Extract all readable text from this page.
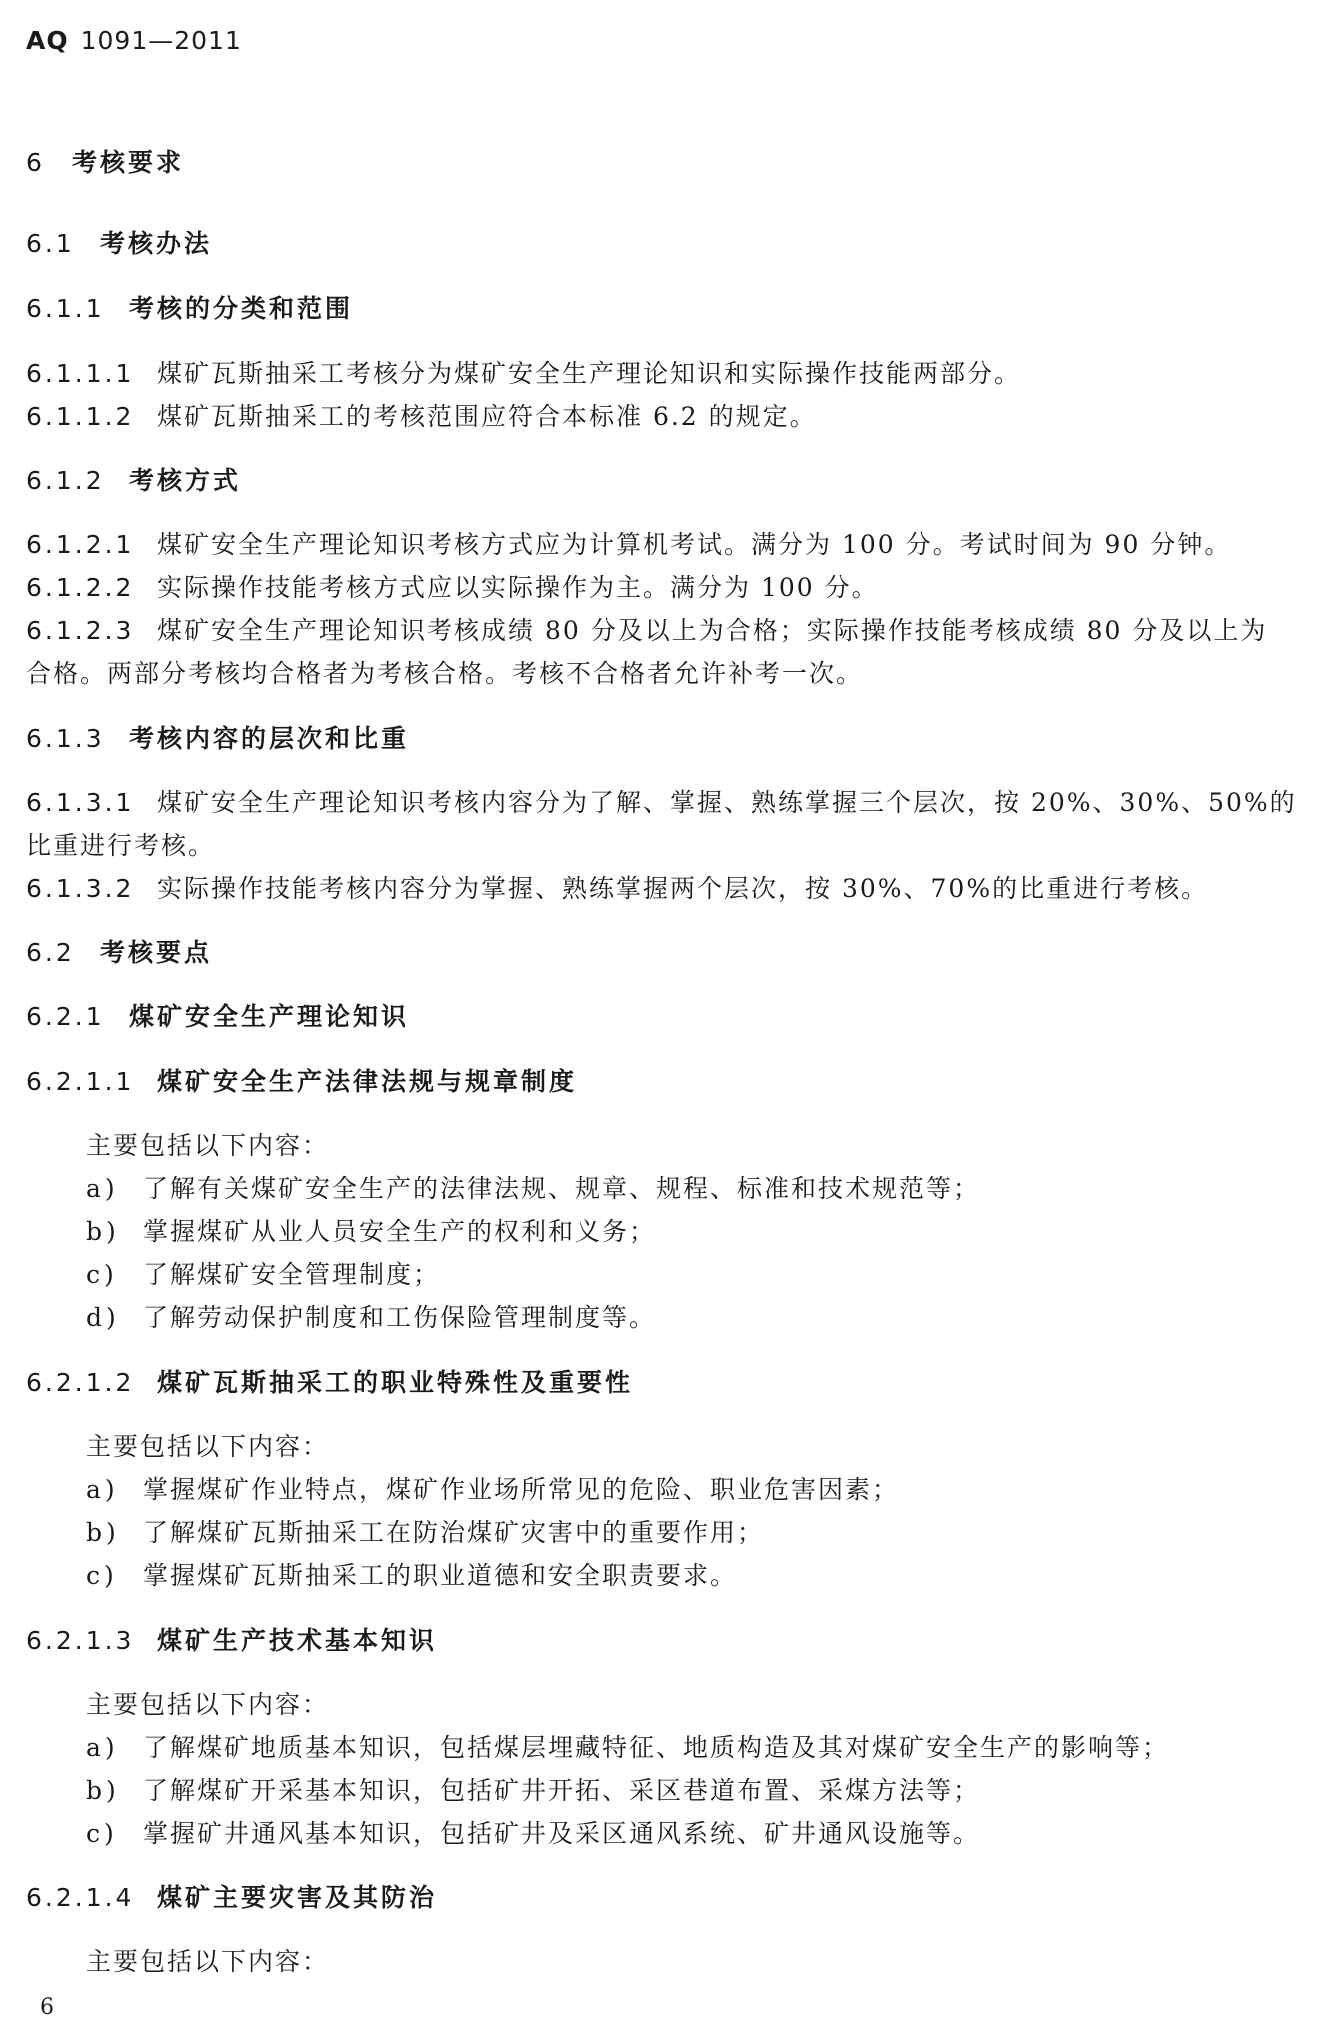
AQ 1091—2011
6 考核要求
6.1 考核办法
6.1.1 考核的分类和范围
6.1.1.1 煤矿瓦斯抽采工考核分为煤矿安全生产理论知识和实际操作技能两部分。
6.1.1.2 煤矿瓦斯抽采工的考核范围应符合本标准 6.2 的规定。
6.1.2 考核方式
6.1.2.1 煤矿安全生产理论知识考核方式应为计算机考试。满分为 100 分。考试时间为 90 分钟。
6.1.2.2 实际操作技能考核方式应以实际操作为主。满分为 100 分。
6.1.2.3 煤矿安全生产理论知识考核成绩 80 分及以上为合格；实际操作技能考核成绩 80 分及以上为
合格。两部分考核均合格者为考核合格。考核不合格者允许补考一次。
6.1.3 考核内容的层次和比重
6.1.3.1 煤矿安全生产理论知识考核内容分为了解、掌握、熟练掌握三个层次，按 20%、30%、50%的
比重进行考核。
6.1.3.2 实际操作技能考核内容分为掌握、熟练掌握两个层次，按 30%、70%的比重进行考核。
6.2 考核要点
6.2.1 煤矿安全生产理论知识
6.2.1.1 煤矿安全生产法律法规与规章制度
主要包括以下内容：
a) 了解有关煤矿安全生产的法律法规、规章、规程、标准和技术规范等；
b) 掌握煤矿从业人员安全生产的权利和义务；
c) 了解煤矿安全管理制度；
d) 了解劳动保护制度和工伤保险管理制度等。
6.2.1.2 煤矿瓦斯抽采工的职业特殊性及重要性
主要包括以下内容：
a) 掌握煤矿作业特点，煤矿作业场所常见的危险、职业危害因素；
b) 了解煤矿瓦斯抽采工在防治煤矿灾害中的重要作用；
c) 掌握煤矿瓦斯抽采工的职业道德和安全职责要求。
6.2.1.3 煤矿生产技术基本知识
主要包括以下内容：
a) 了解煤矿地质基本知识，包括煤层埋藏特征、地质构造及其对煤矿安全生产的影响等；
b) 了解煤矿开采基本知识，包括矿井开拓、采区巷道布置、采煤方法等；
c) 掌握矿井通风基本知识，包括矿井及采区通风系统、矿井通风设施等。
6.2.1.4 煤矿主要灾害及其防治
主要包括以下内容：
6
